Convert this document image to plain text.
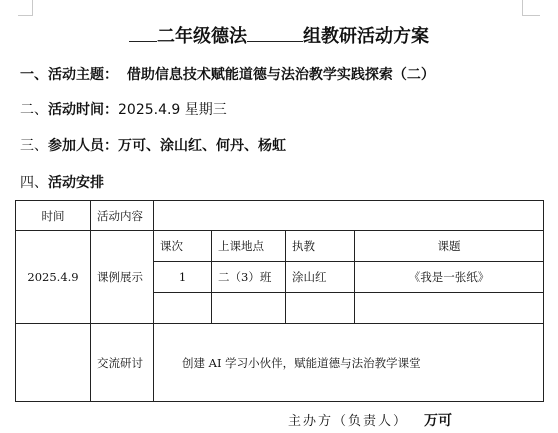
二年级德法	组教研活动方案
一、活动主题： 借助信息技术赋能道德与法治教学实践探索（二）
二、活动时间：2025.4.9 星期三
三、参加人员：万可、涂山红、何丹、杨虹
四、活动安排
时间	活动内容				
2025.4.9	课例展示	课次	上课地点	执教	课题
		1	二（3）班	涂山红	《我是一张纸》

	交流研讨	创建 AI 学习小伙伴，赋能道德与法治教学课堂			
主办方（负责人） 万可
